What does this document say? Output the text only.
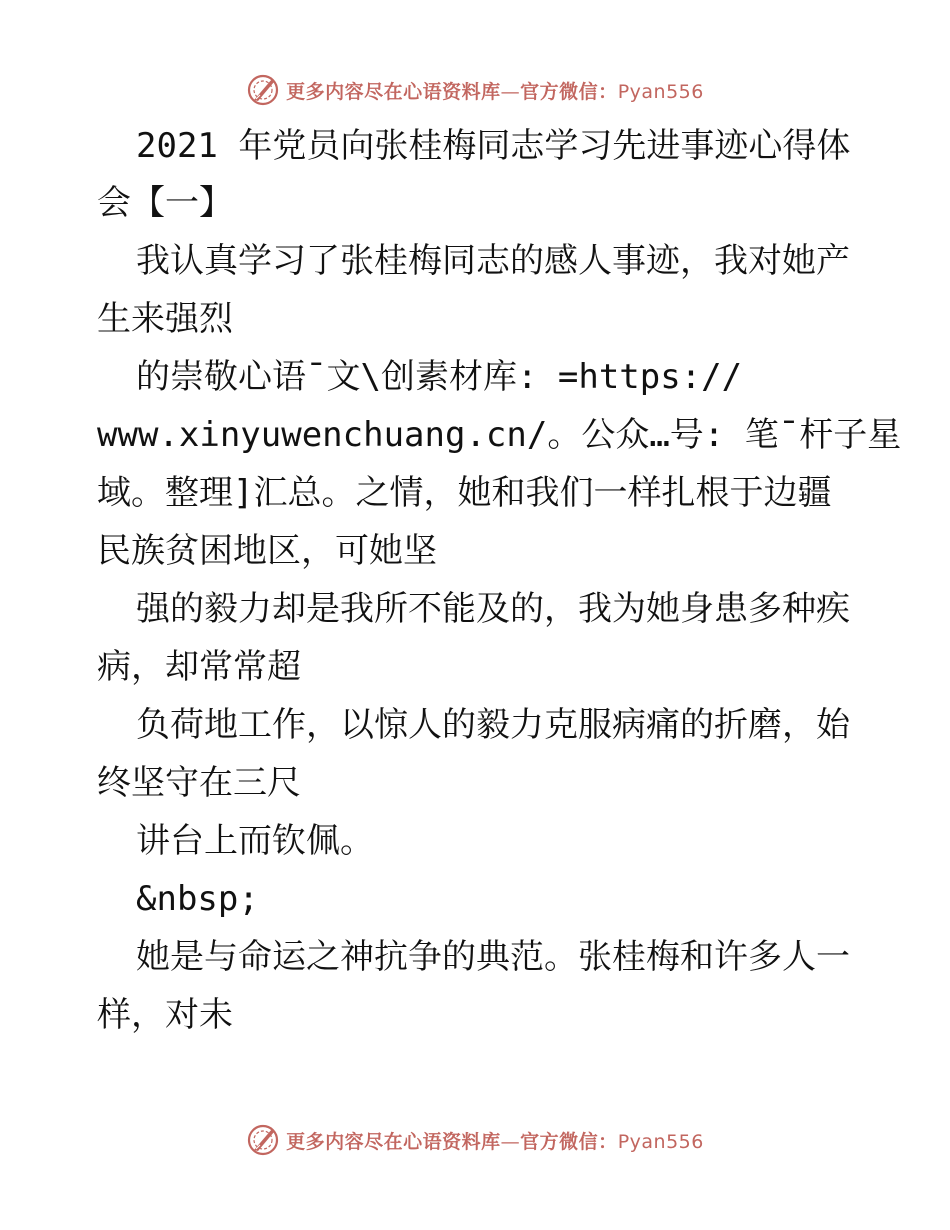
更多内容尽在心语资料库—官方微信：Pyan556
2021 年党员向张桂梅同志学习先进事迹心得体
会【一】
我认真学习了张桂梅同志的感人事迹，我对她产
生来强烈
的崇敬心语¯文\创素材库: =https://
www.xinyuwenchuang.cn/。公众…号: 笔¯杆子星
域。整理]汇总。之情，她和我们一样扎根于边疆
民族贫困地区，可她坚
强的毅力却是我所不能及的，我为她身患多种疾
病，却常常超
负荷地工作，以惊人的毅力克服病痛的折磨，始
终坚守在三尺
讲台上而钦佩。
&nbsp;
她是与命运之神抗争的典范。张桂梅和许多人一
样，对未
更多内容尽在心语资料库—官方微信：Pyan556
